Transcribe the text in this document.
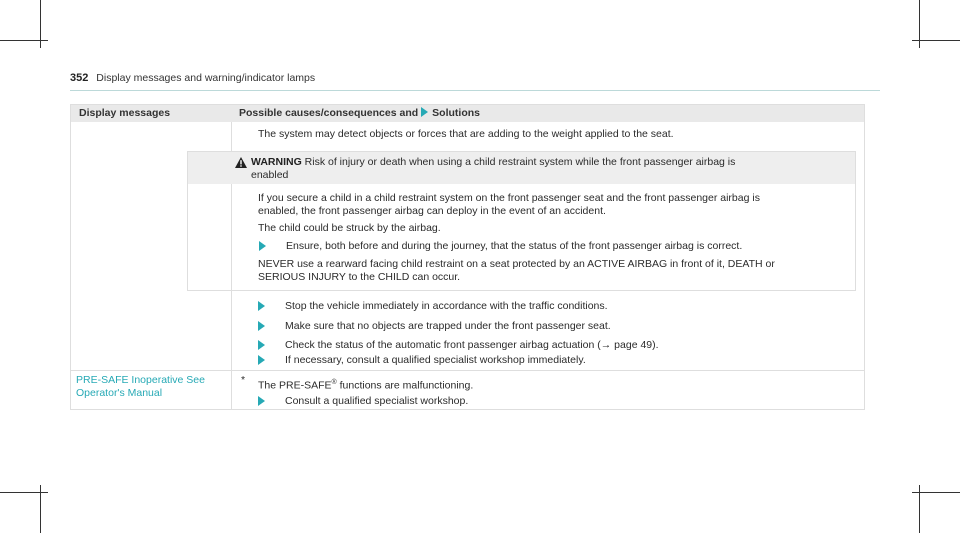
352 Display messages and warning/indicator lamps
Display messages	Possible causes/consequences and Solutions
The system may detect objects or forces that are adding to the weight applied to the seat.
WARNING Risk of injury or death when using a child restraint system while the front passenger airbag is
enabled
If you secure a child in a child restraint system on the front passenger seat and the front passenger airbag is
enabled, the front passenger airbag can deploy in the event of an accident.
The child could be struck by the airbag.
Ensure, both before and during the journey, that the status of the front passenger airbag is correct.
NEVER use a rearward facing child restraint on a seat protected by an ACTIVE AIRBAG in front of it, DEATH or
SERIOUS INJURY to the CHILD can occur.
Stop the vehicle immediately in accordance with the traffic conditions.
Make sure that no objects are trapped under the front passenger seat.
Check the status of the automatic front passenger airbag actuation (→ page 49).
If necessary, consult a qualified specialist workshop immediately.
PRE-SAFE Inoperative See
Operator's Manual
* The PRE-SAFE® functions are malfunctioning.
Consult a qualified specialist workshop.
